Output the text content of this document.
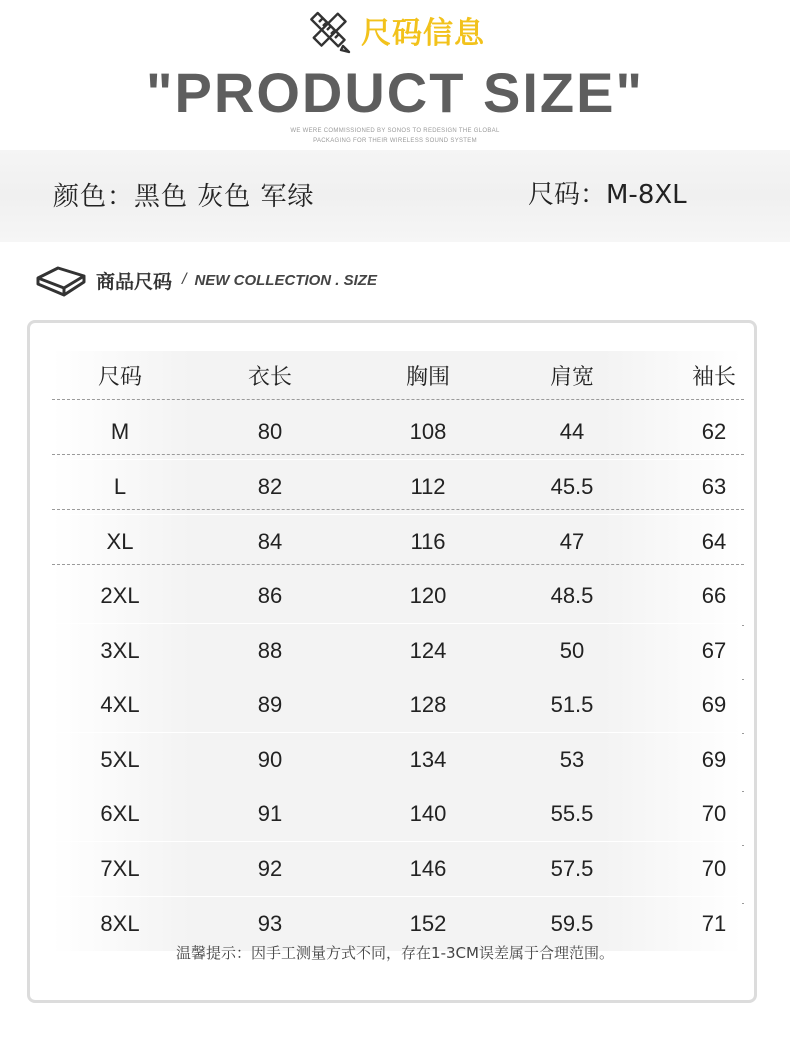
尺码信息
"PRODUCT SIZE"
WE WERE COMMISSIONED BY SONOS TO REDESIGN THE GLOBAL
PACKAGING FOR THEIR WIRELESS SOUND SYSTEM
颜色：黑色 灰色 军绿	尺码：M-8XL
商品尺码 / NEW COLLECTION . SIZE
尺码	衣长	胸围	肩宽	袖长
M	80	108	44	62
L	82	112	45.5	63
XL	84	116	47	64
2XL	86	120	48.5	66
3XL	88	124	50	67
4XL	89	128	51.5	69
5XL	90	134	53	69
6XL	91	140	55.5	70
7XL	92	146	57.5	70
8XL	93	152	59.5	71
温馨提示：因手工测量方式不同，存在1-3CM误差属于合理范围。
